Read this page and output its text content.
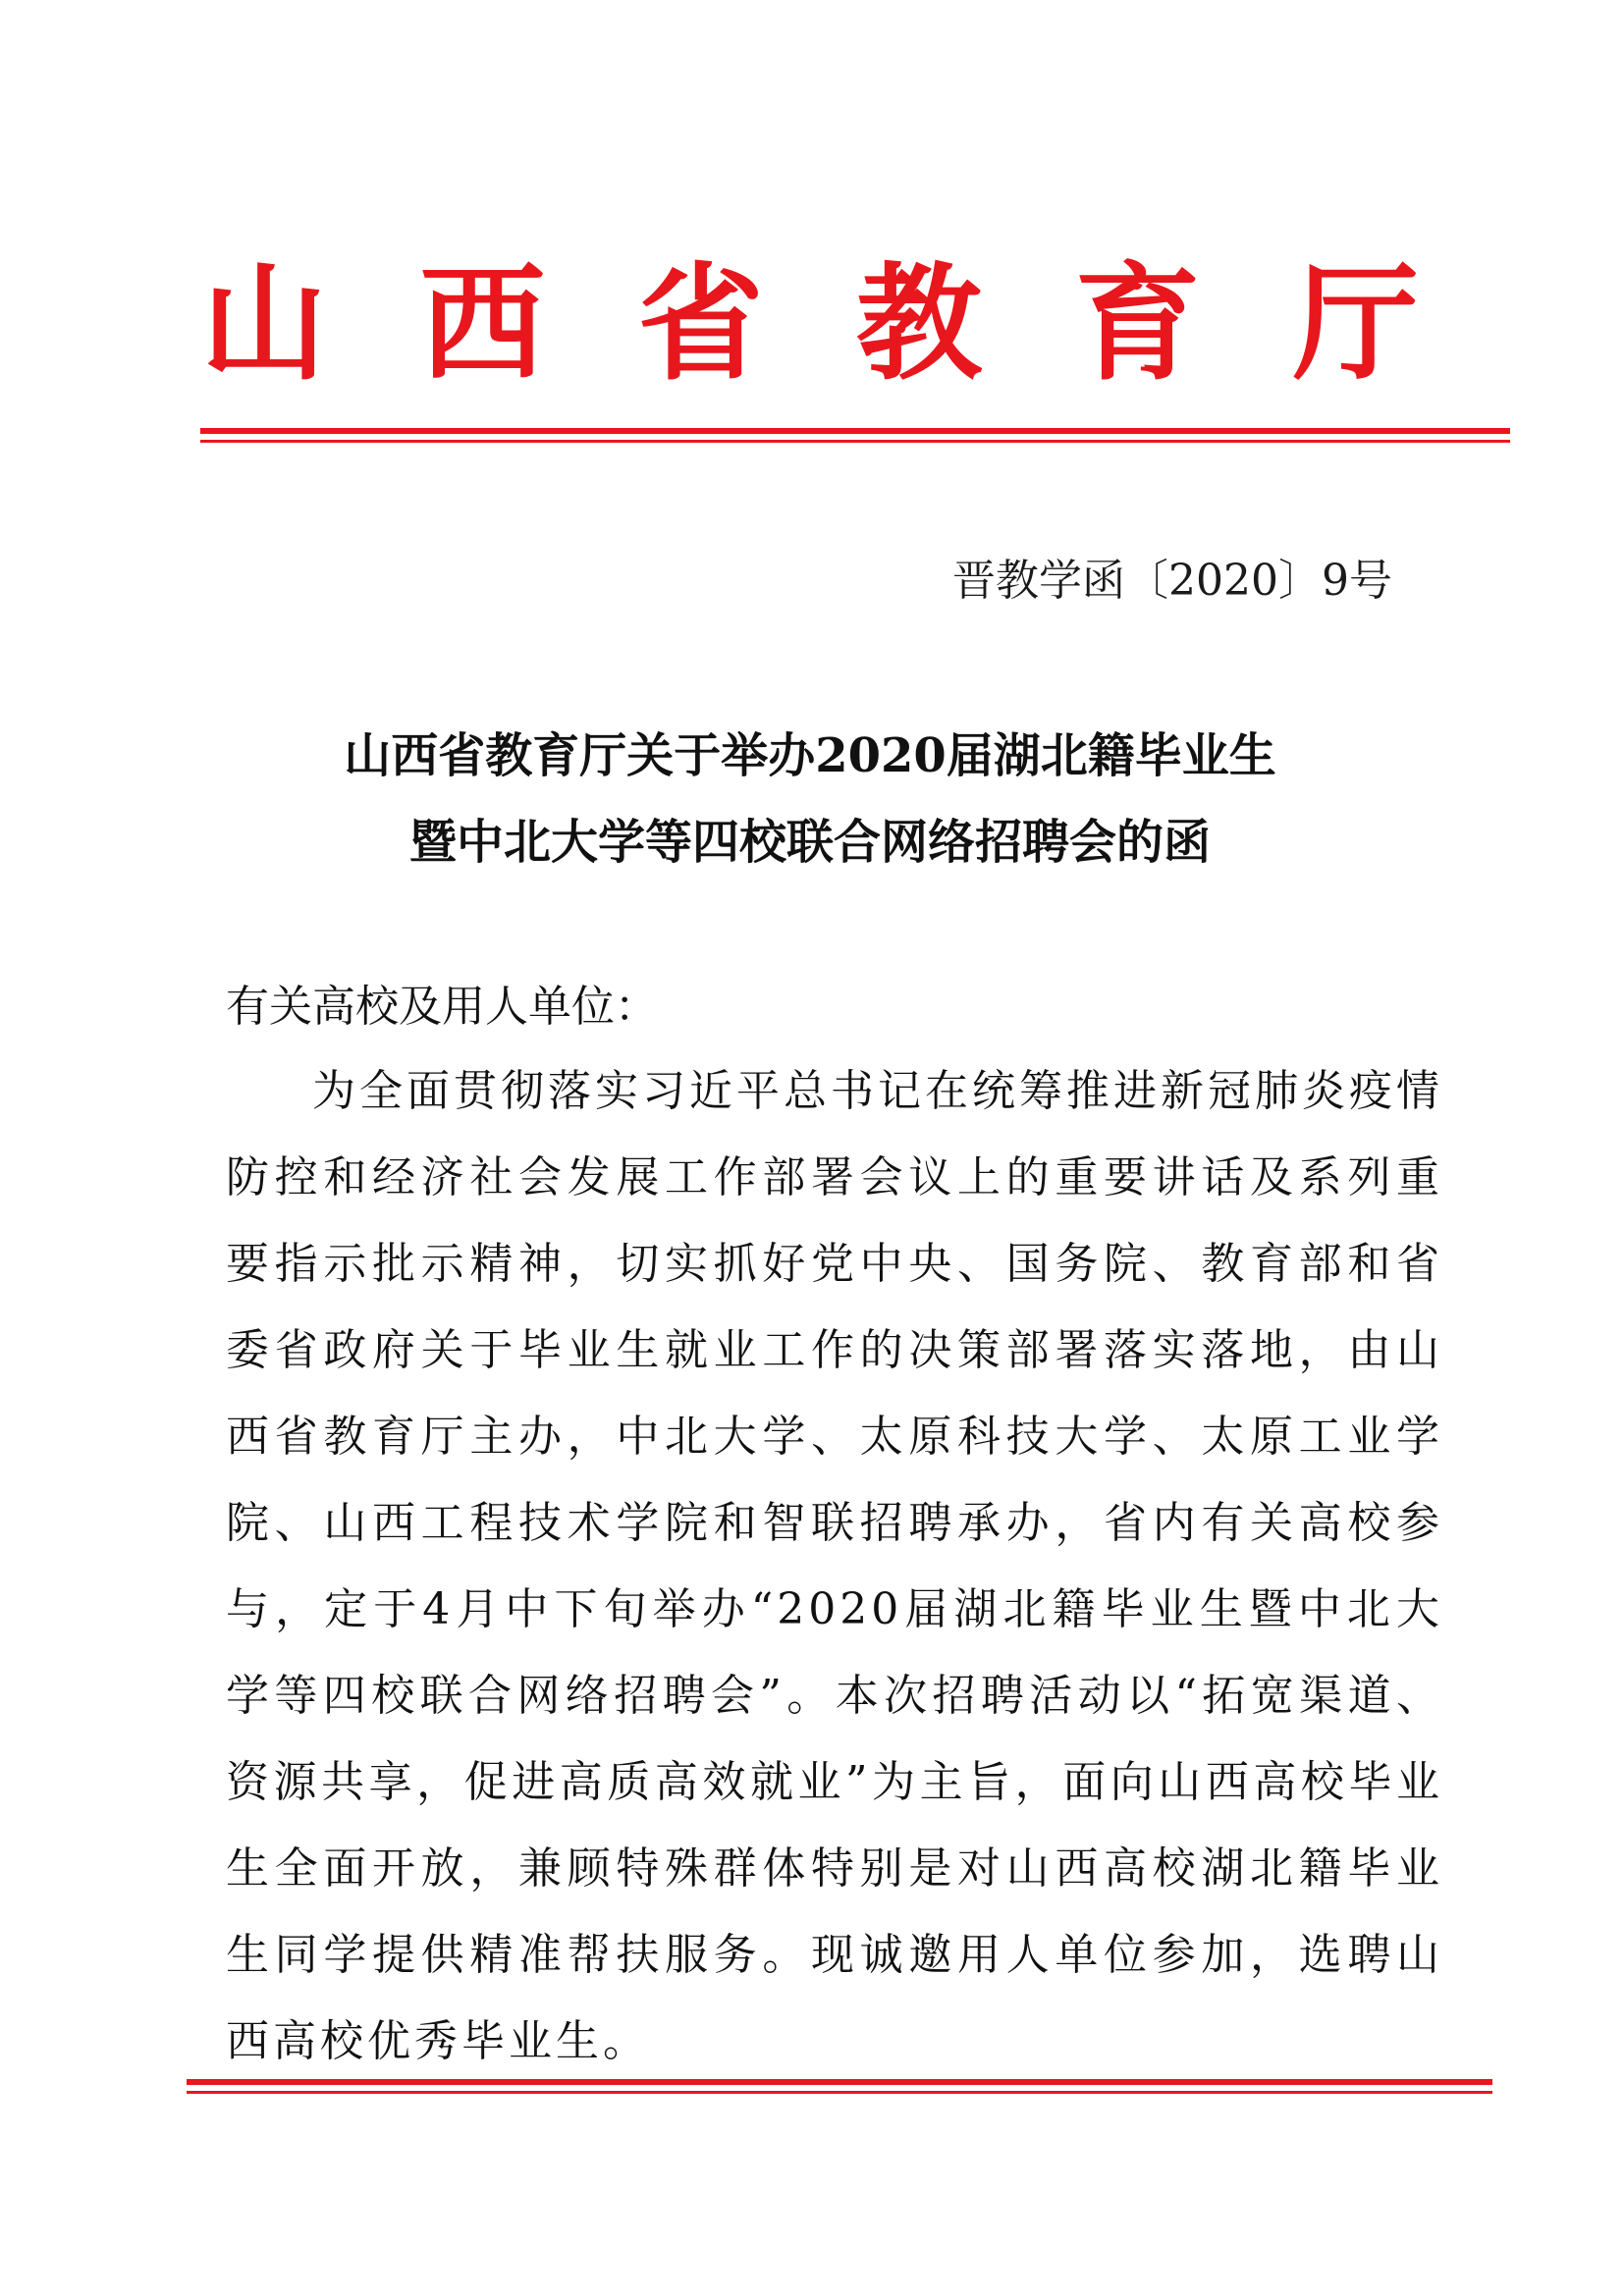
山 西 省 教 育 厅
晋教学函〔2020〕9号
山西省教育厅关于举办2020届湖北籍毕业生
暨中北大学等四校联合网络招聘会的函
有关高校及用人单位：

为全面贯彻落实习近平总书记在统筹推进新冠肺炎疫情防控和经济社会发展工作部署会议上的重要讲话及系列重要指示批示精神，切实抓好党中央、国务院、教育部和省委省政府关于毕业生就业工作的决策部署落实落地，由山西省教育厅主办，中北大学、太原科技大学、太原工业学院、山西工程技术学院和智联招聘承办，省内有关高校参与，定于4月中下旬举办“2020届湖北籍毕业生暨中北大学等四校联合网络招聘会”。本次招聘活动以“拓宽渠道、资源共享，促进高质高效就业”为主旨，面向山西高校毕业生全面开放，兼顾特殊群体特别是对山西高校湖北籍毕业生同学提供精准帮扶服务。现诚邀用人单位参加，选聘山西高校优秀毕业生。
